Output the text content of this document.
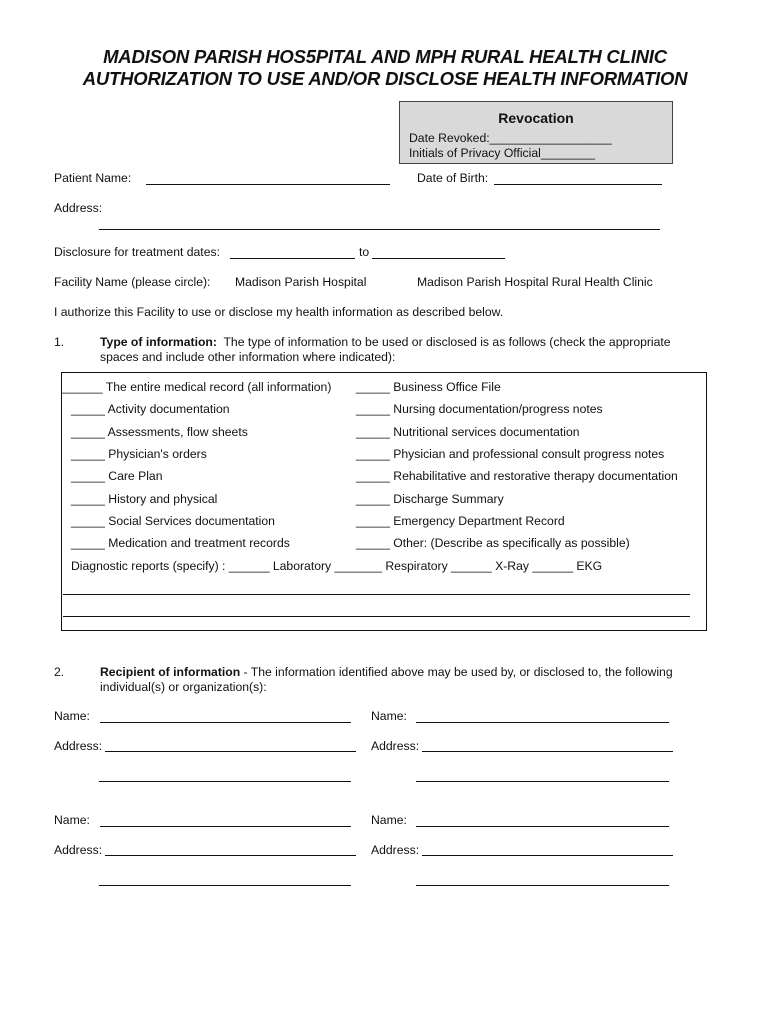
MADISON PARISH HOS5PITAL AND MPH RURAL HEALTH CLINIC
AUTHORIZATION TO USE AND/OR DISCLOSE HEALTH INFORMATION
Revocation
Date Revoked:__________________
Initials of Privacy Official________
Patient Name:	Date of Birth:
Address:
Disclosure for treatment dates:	to
Facility Name (please circle): Madison Parish Hospital	Madison Parish Hospital Rural Health Clinic
I authorize this Facility to use or disclose my health information as described below.
1.	Type of information: The type of information to be used or disclosed is as follows (check the appropriate
spaces and include other information where indicated):
______ The entire medical record (all information)
_____ Activity documentation
_____ Assessments, flow sheets
_____ Physician's orders
_____ Care Plan
_____ History and physical
_____ Social Services documentation
_____ Medication and treatment records
_____ Business Office File
_____ Nursing documentation/progress notes
_____ Nutritional services documentation
_____ Physician and professional consult progress notes
_____ Rehabilitative and restorative therapy documentation
_____ Discharge Summary
_____ Emergency Department Record
_____ Other: (Describe as specifically as possible)
Diagnostic reports (specify) : ______ Laboratory _______ Respiratory ______ X-Ray ______ EKG
2.	Recipient of information - The information identified above may be used by, or disclosed to, the following
individual(s) or organization(s):
Name:	Name:
Address:	Address:
Name:	Name:
Address:	Address:
